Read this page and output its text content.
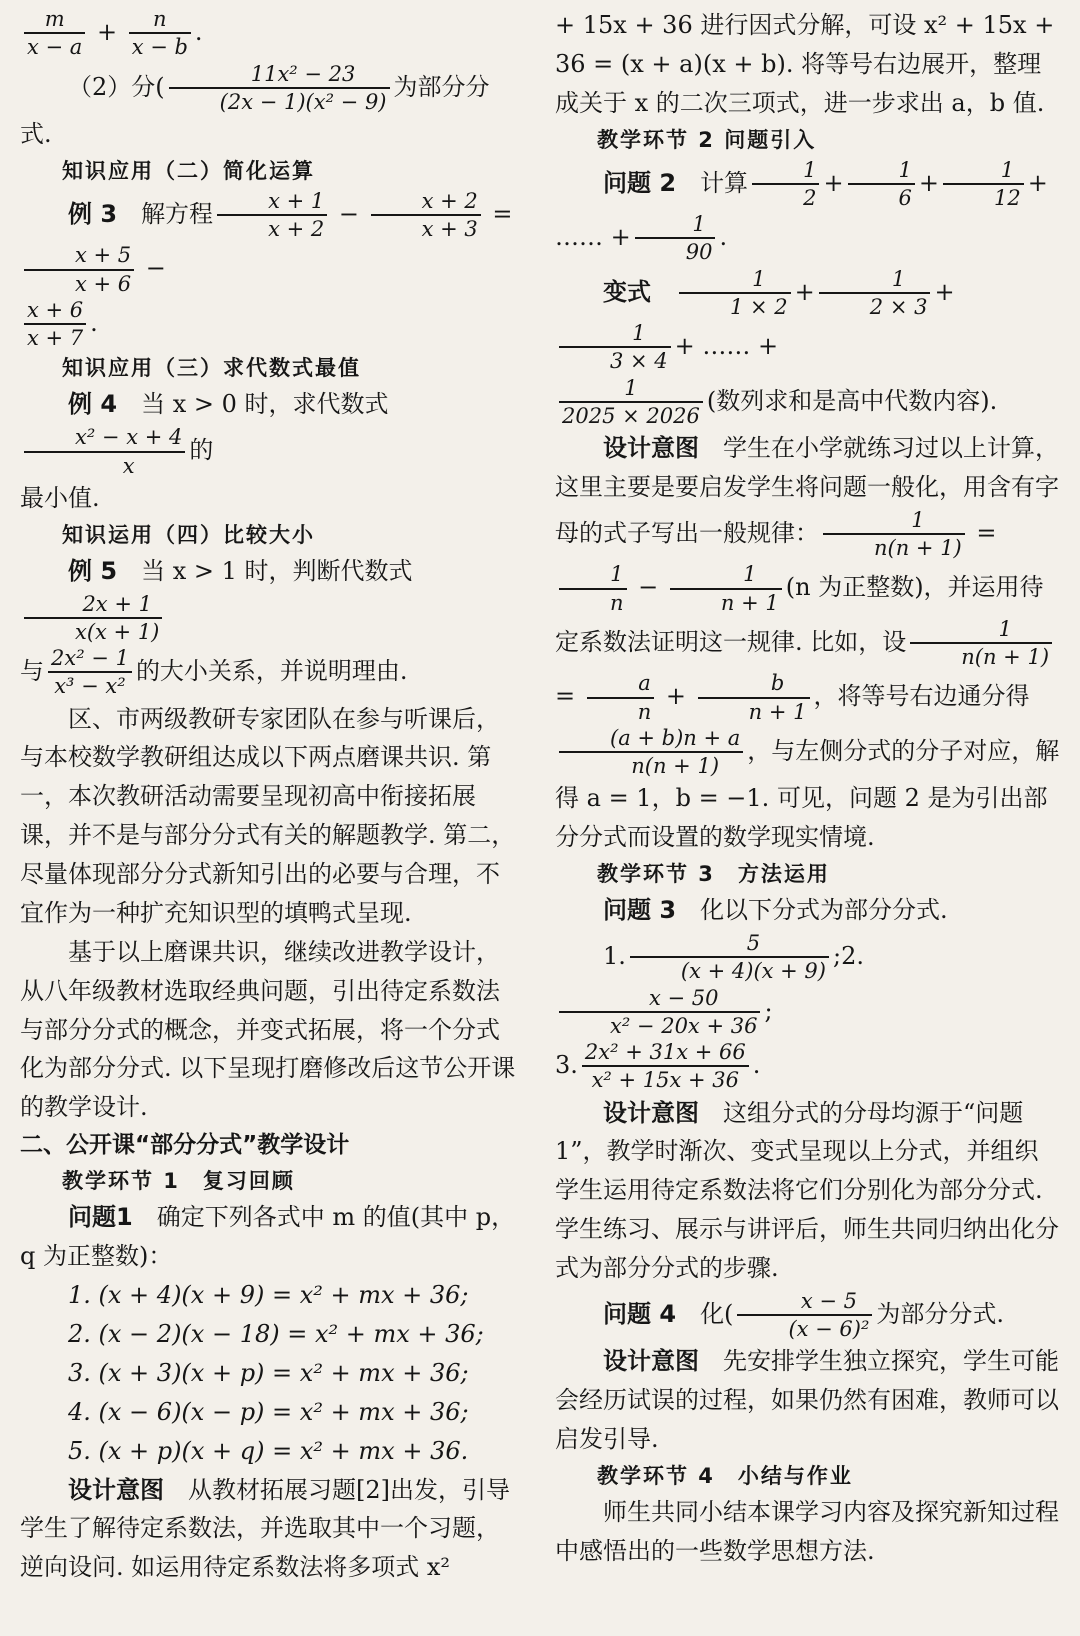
$\frac{m}{x - a} + \frac{n}{x - b}$ .

（2）分( $\frac{\text{11x² − 23}}{\text{(2x − 1)(x² − 9)}}$ 为部分分式.

知识应用（二）简化运算

例 3　 解方程 $\frac{x + 1}{x + 2} - \frac{x + 2}{x + 3}$ =
$\frac{x + 5}{x + 6}$ −

$\frac{x + 6}{x + 7}$ .

知识应用（三）求代数式最值

例 4　 当 x > 0 时，求代数式
$\frac{\text{x² − x + 4}}{x}$ 的

最小值.

知识运用（四）比较大小

例 5　 当 x > 1 时，判断代数式
$\frac{2x + 1}{x(x + 1)}$

与 $\frac{\text{2x² − 1}}{\text{x³ − x²}}$ 的大小关系，并说明理由.

区、市两级教研专家团队在参与听课后，与本校数学教研组达成以下两点磨课共识. 第一，本次教研活动需要呈现初高中衔接拓展课，并不是与部分分式有关的解题教学. 第二，尽量体现部分分式新知引出的必要与合理，不宜作为一种扩充知识型的填鸭式呈现.

基于以上磨课共识，继续改进教学设计，从八年级教材选取经典问题，引出待定系数法与部分分式的概念，并变式拓展，将一个分式化为部分分式. 以下呈现打磨修改后这节公开课的教学设计.

二、公开课“部分分式”教学设计

教学环节 1　复习回顾

问题1　 确定下列各式中 m 的值(其中 p，q 为正整数)：

1. (x + 4)(x + 9) = x² + mx + 36;

2. (x − 2)(x − 18) = x² + mx + 36;

3. (x + 3)(x + p) = x² + mx + 36;

4. (x − 6)(x − p) = x² + mx + 36;

5. (x + p)(x + q) = x² + mx + 36.

设计意图　 从教材拓展习题[2]出发，引导学生了解待定系数法，并选取其中一个习题，逆向设问. 如运用待定系数法将多项式 x²

+ 15x + 36 进行因式分解，可设 x² + 15x + 36 = (x + a)(x + b). 将等号右边展开，整理成关于 x 的二次三项式，进一步求出 a，b 值.

教学环节 2 问题引入

问题 2　 计算 $\frac{1}{2} + \frac{1}{6} + \frac{1}{12}$ + …… + $\frac{1}{90}$ .

变式　 $\frac{1}{1 \times 2} + \frac{1}{2 \times 3}$ +
$\frac{1}{3 \times 4}$ + …… +

$\frac{1}{2025 \times 2026}$ (数列求和是高中代数内容).

设计意图　 学生在小学就练习过以上计算，这里主要是要启发学生将问题一般化，用含有字母的式子写出一般规律： $\frac{1}{n(n + 1)}$ =
$\frac{1}{n} - \frac{1}{n + 1} (n$ 为正整数)，并运用待定系数法证明这一规律. 比如，设 $\frac{1}{n(n + 1)}$
= $\frac{a}{n} + \frac{b}{n + 1}$ ，将等号右边通分得
$\frac{(a + b)n + a}{n(n + 1)}$ ，与左侧分式的分子对应，解得 a = 1，b = −1. 可见，问题 2 是为引出部分分式而设置的数学现实情境.

教学环节 3　方法运用

问题 3　 化以下分式为部分分式.

1. $\frac{5}{(x + 4)(x + 9)}$ ;2.
$\frac{x - 50}{\text{x² − 20x + 36}}$ ;

3. $\frac{\text{2x² + 31x + 66}}{\text{x² + 15x + 36}}$ .

设计意图　 这组分式的分母均源于“问题1”，教学时渐次、变式呈现以上分式，并组织学生运用待定系数法将它们分别化为部分分式. 学生练习、展示与讲评后，师生共同归纳出化分式为部分分式的步骤.

问题 4　 化( $\frac{x - 5}{\text{(x − 6)²}}$ 为部分分式.

设计意图　 先安排学生独立探究，学生可能会经历试误的过程，如果仍然有困难，教师可以启发引导.

教学环节 4　小结与作业

师生共同小结本课学习内容及探究新知过程中感悟出的一些数学思想方法.
